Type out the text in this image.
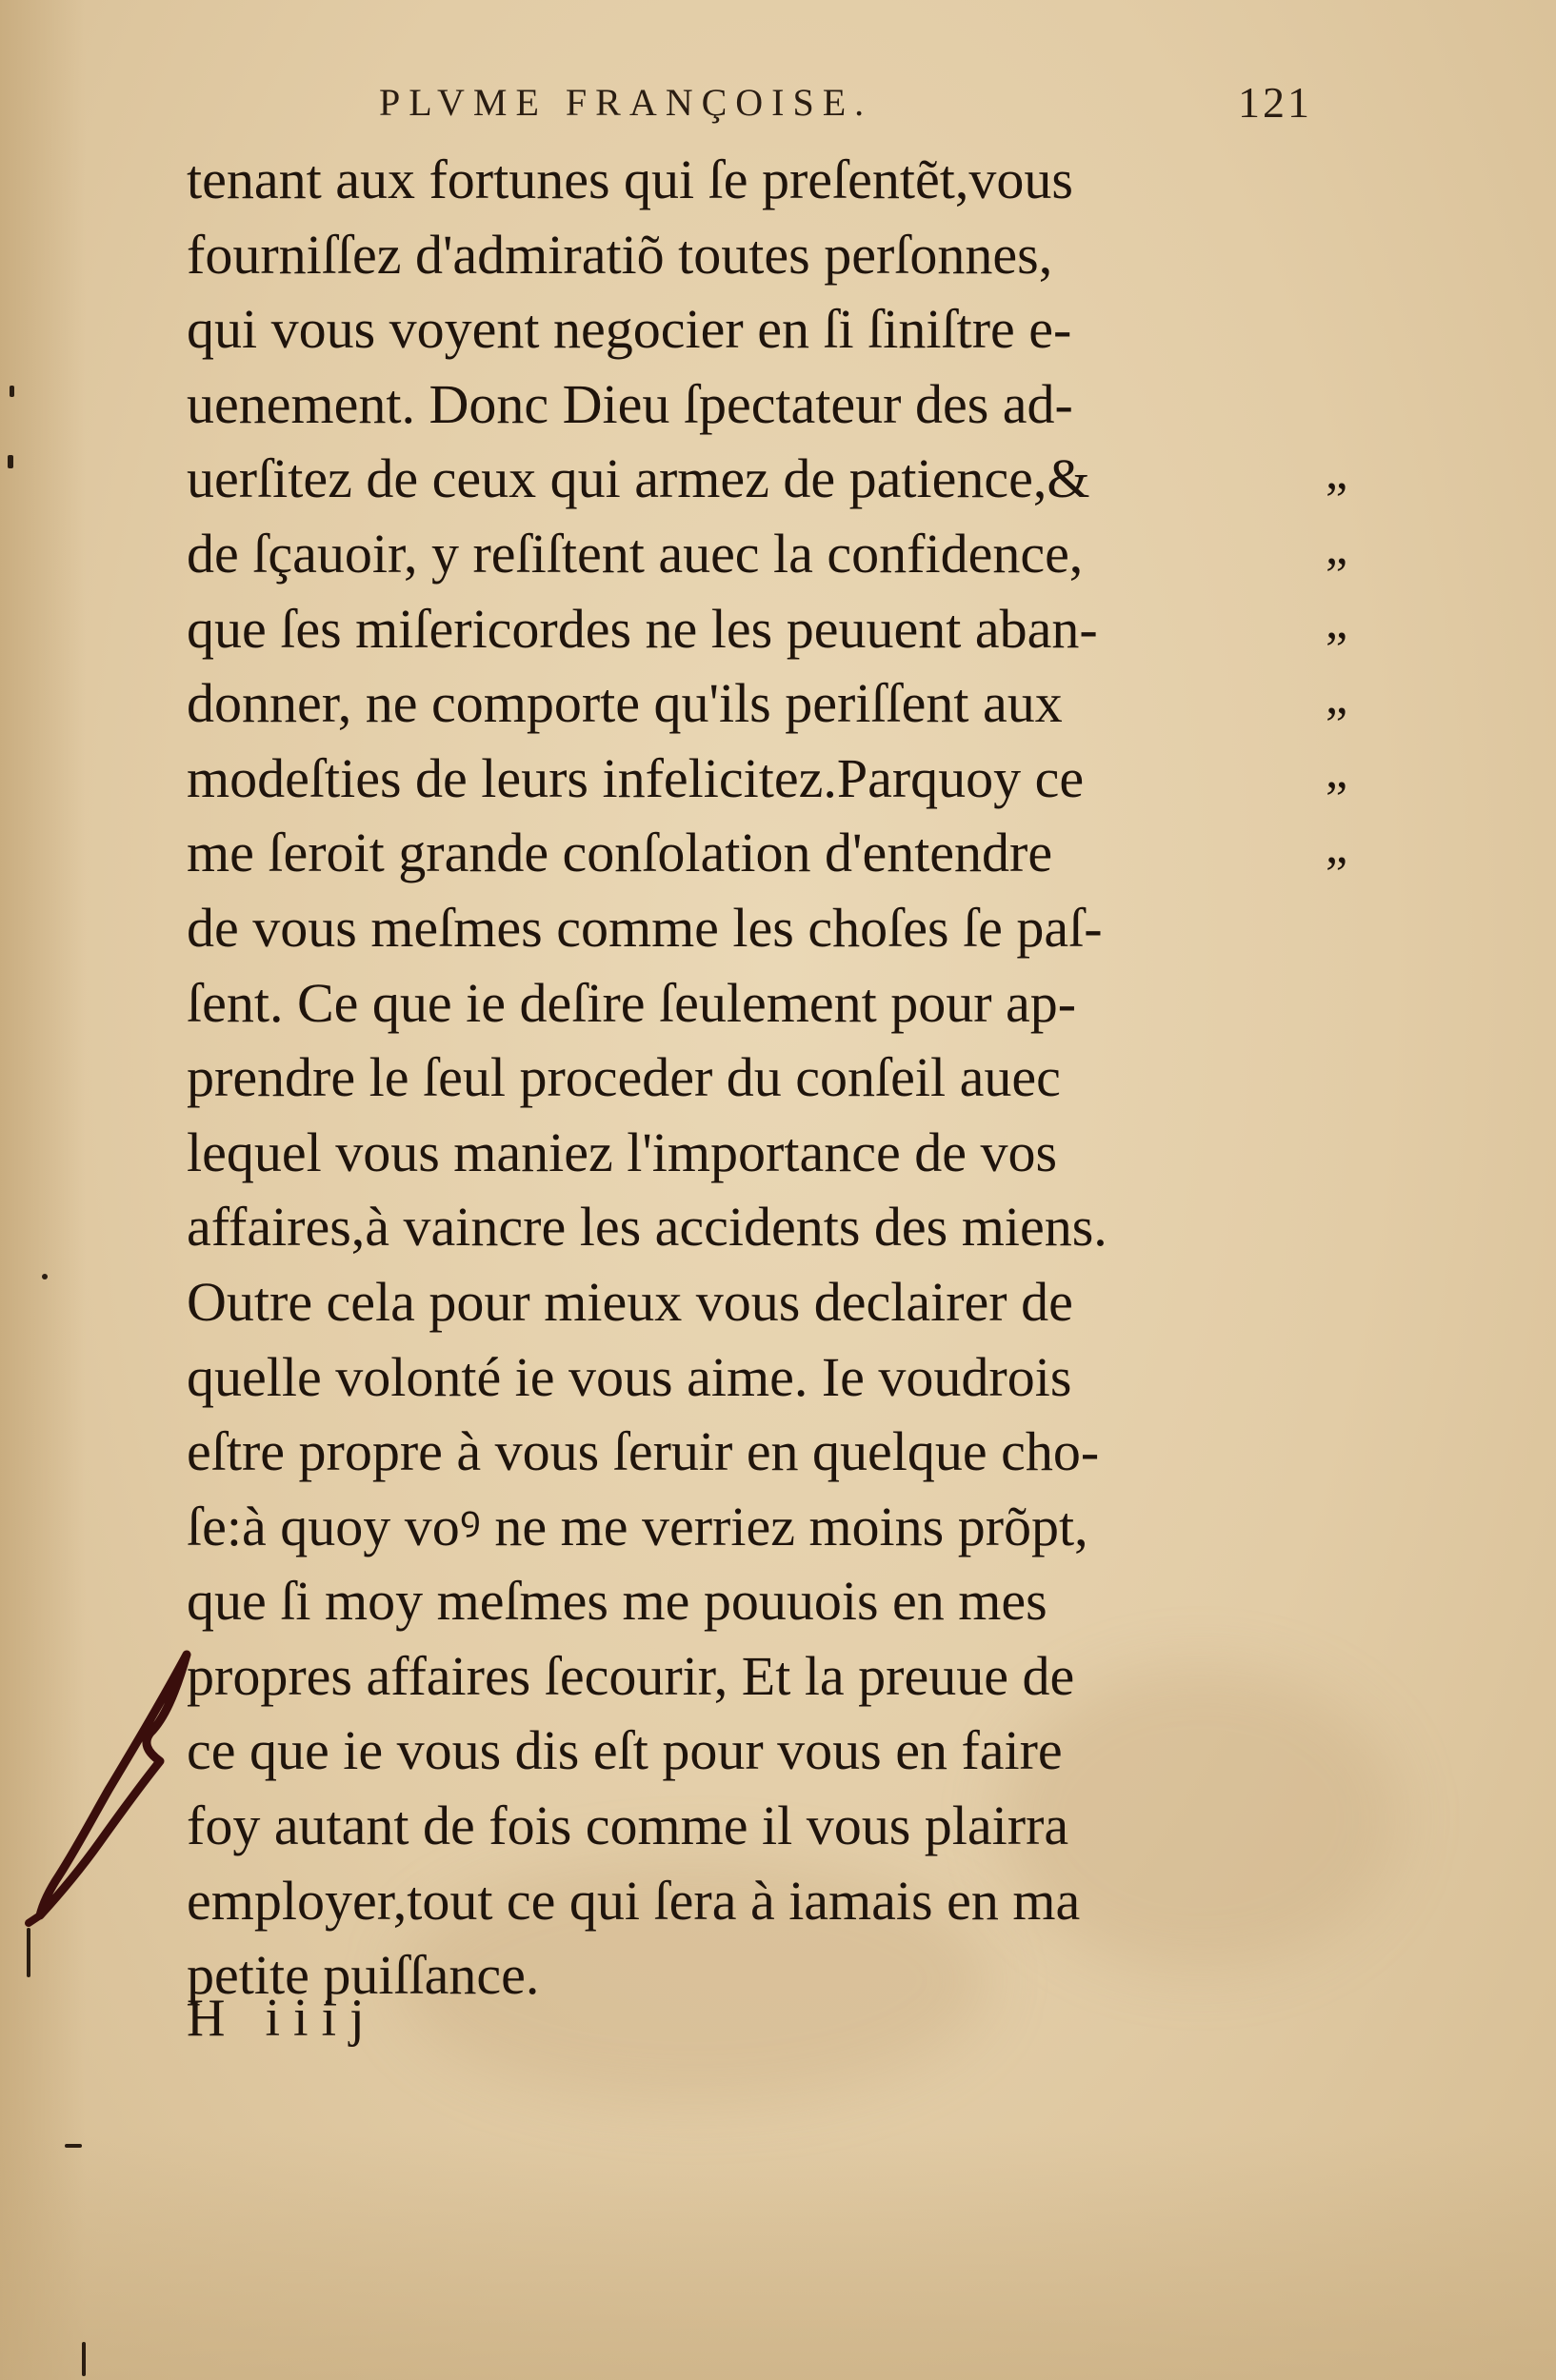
PLVME FRANÇOISE.	121
tenant aux fortunes qui ſe preſentẽt,vous
fourniſſez d'admiratiõ toutes perſonnes,
qui vous voyent negocier en ſi ſiniſtre e-
uenement. Donc Dieu ſpectateur des ad-
uerſitez de ceux qui armez de patience,&
de ſçauoir, y reſiſtent auec la confidence,
que ſes miſericordes ne les peuuent aban-
donner, ne comporte qu'ils periſſent aux
modeſties de leurs infelicitez.Parquoy ce
me ſeroit grande conſolation d'entendre
de vous meſmes comme les choſes ſe paſ-
ſent. Ce que ie deſire ſeulement pour ap-
prendre le ſeul proceder du conſeil auec
lequel vous maniez l'importance de vos
affaires,à vaincre les accidents des miens.
Outre cela pour mieux vous declairer de
quelle volonté ie vous aime. Ie voudrois
eſtre propre à vous ſeruir en quelque cho-
ſe:à quoy voꝰ ne me verriez moins prõpt,
que ſi moy meſmes me pouuois en mes
propres affaires ſecourir, Et la preuue de
ce que ie vous dis eſt pour vous en faire
foy autant de fois comme il vous plairra
employer,tout ce qui ſera à iamais en ma
petite puiſſance.
„
„
„
„
„
„
H iiij
